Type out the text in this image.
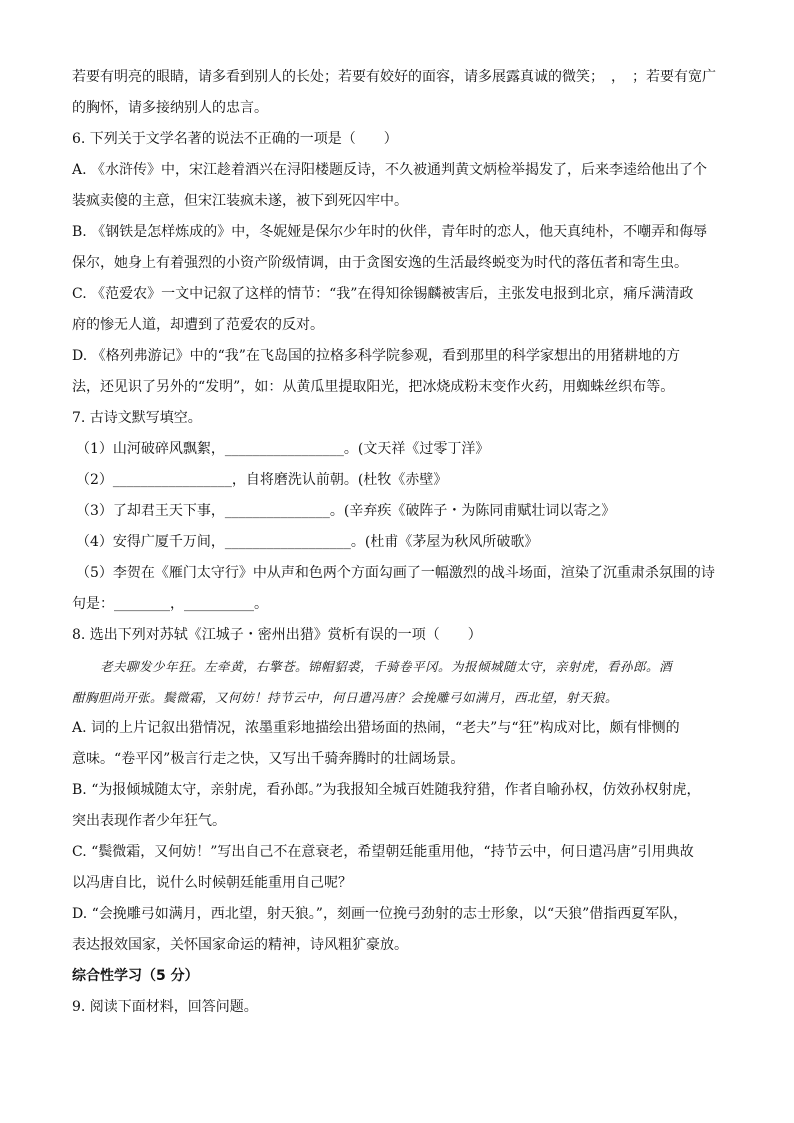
若要有明亮的眼睛，请多看到别人的长处；若要有姣好的面容，请多展露真诚的微笑；　，　；若要有宽广
的胸怀，请多接纳别人的忠言。
6. 下列关于文学名著的说法不正确的一项是（　　）
A. 《水浒传》中，宋江趁着酒兴在浔阳楼题反诗，不久被通判黄文炳检举揭发了，后来李逵给他出了个
装疯卖傻的主意，但宋江装疯未遂，被下到死囚牢中。
B. 《钢铁是怎样炼成的》中，冬妮娅是保尔少年时的伙伴，青年时的恋人，他天真纯朴，不嘲弄和侮辱
保尔，她身上有着强烈的小资产阶级情调，由于贪图安逸的生活最终蜕变为时代的落伍者和寄生虫。
C. 《范爱农》一文中记叙了这样的情节：“我”在得知徐锡麟被害后，主张发电报到北京，痛斥满清政
府的惨无人道，却遭到了范爱农的反对。
D. 《格列弗游记》中的“我”在飞岛国的拉格多科学院参观，看到那里的科学家想出的用猪耕地的方
法，还见识了另外的“发明”，如：从黄瓜里提取阳光，把冰烧成粉末变作火药，用蜘蛛丝织布等。
7. 古诗文默写填空。
（1）山河破碎风飘絮，_________________。(文天祥《过零丁洋》
（2）_________________，自将磨洗认前朝。(杜牧《赤壁》
（3）了却君王天下事，_______________。(辛弃疾《破阵子・为陈同甫赋壮词以寄之》
（4）安得广厦千万间，__________________。(杜甫《茅屋为秋风所破歌》
（5）李贺在《雁门太守行》中从声和色两个方面勾画了一幅激烈的战斗场面，渲染了沉重肃杀氛围的诗
句是：________，__________。
8. 选出下列对苏轼《江城子・密州出猎》赏析有误的一项（　　）
老夫聊发少年狂。左牵黄，右擎苍。锦帽貂裘，千骑卷平冈。为报倾城随太守，亲射虎，看孙郎。酒
酣胸胆尚开张。鬓微霜，又何妨！持节云中，何日遣冯唐？会挽雕弓如满月，西北望，射天狼。
A. 词的上片记叙出猎情况，浓墨重彩地描绘出猎场面的热闹，“老夫”与“狂”构成对比，颇有悱恻的
意味。“卷平冈”极言行走之快，又写出千骑奔腾时的壮阔场景。
B. “为报倾城随太守，亲射虎，看孙郎。”为我报知全城百姓随我狩猎，作者自喻孙权，仿效孙权射虎，
突出表现作者少年狂气。
C. “鬓微霜，又何妨！”写出自己不在意衰老，希望朝廷能重用他，“持节云中，何日遣冯唐”引用典故
以冯唐自比，说什么时候朝廷能重用自己呢？
D. “会挽雕弓如满月，西北望，射天狼。”，刻画一位挽弓劲射的志士形象，以“天狼”借指西夏军队，
表达报效国家，关怀国家命运的精神，诗风粗犷豪放。
综合性学习（5 分）
9. 阅读下面材料，回答问题。
